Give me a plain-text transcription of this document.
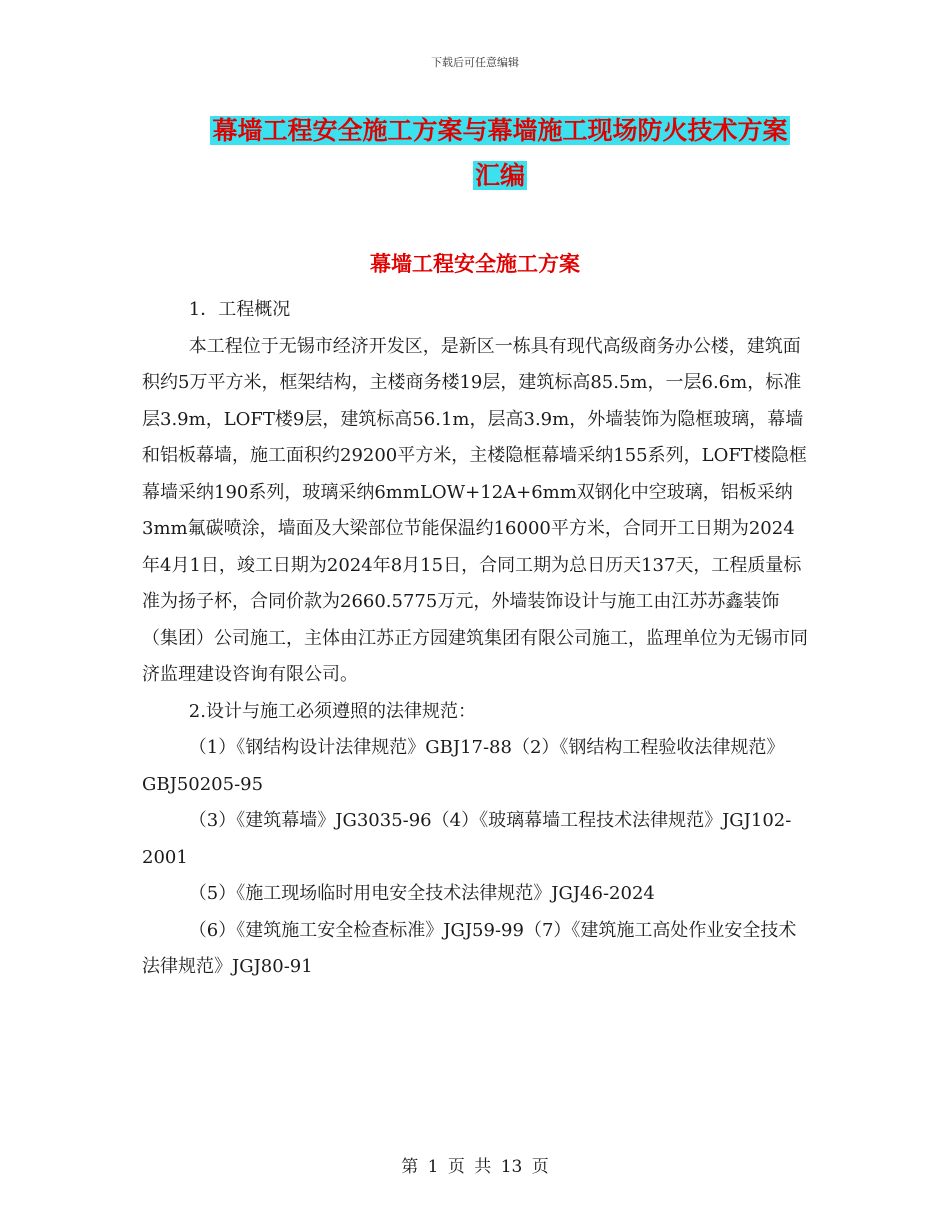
下载后可任意编辑
幕墙工程安全施工方案与幕墙施工现场防火技术方案
汇编
幕墙工程安全施工方案

1．工程概况

本工程位于无锡市经济开发区，是新区一栋具有现代高级商务办公楼，建筑面积约5万平方米，框架结构，主楼商务楼19层，建筑标高85.5m，一层6.6m，标准层3.9m，LOFT楼9层，建筑标高56.1m，层高3.9m，外墙装饰为隐框玻璃，幕墙和铝板幕墙，施工面积约29200平方米，主楼隐框幕墙采纳155系列，LOFT楼隐框幕墙采纳190系列，玻璃采纳6mmLOW+12A+6mm双钢化中空玻璃，铝板采纳3mm氟碳喷涂，墙面及大梁部位节能保温约16000平方米，合同开工日期为2024年4月1日，竣工日期为2024年8月15日，合同工期为总日历天137天，工程质量标准为扬子杯，合同价款为2660.5775万元，外墙装饰设计与施工由江苏苏鑫装饰（集团）公司施工，主体由江苏正方园建筑集团有限公司施工，监理单位为无锡市同济监理建设咨询有限公司。

2.设计与施工必须遵照的法律规范：

（1）《钢结构设计法律规范》GBJ17-88（2）《钢结构工程验收法律规范》GBJ50205-95

（3）《建筑幕墙》JG3035-96（4）《玻璃幕墙工程技术法律规范》JGJ102-2001

（5）《施工现场临时用电安全技术法律规范》JGJ46-2024

（6）《建筑施工安全检查标准》JGJ59-99（7）《建筑施工高处作业安全技术法律规范》JGJ80-91

第 1 页 共 13 页
